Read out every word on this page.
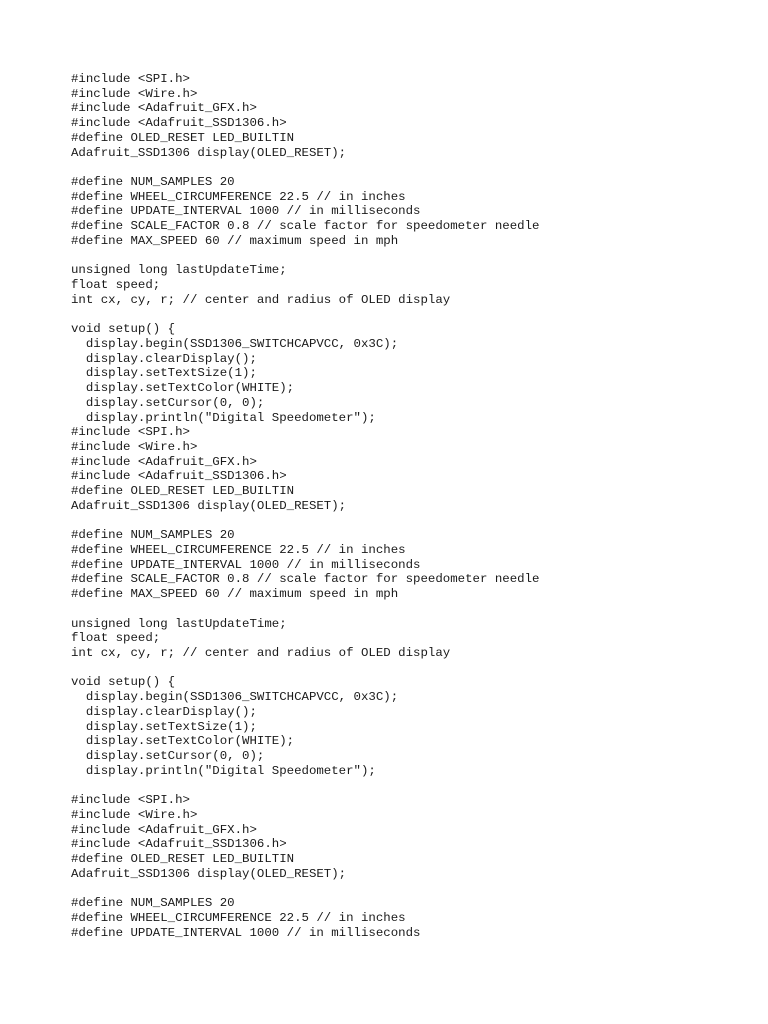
#include <SPI.h>
#include <Wire.h>
#include <Adafruit_GFX.h>
#include <Adafruit_SSD1306.h>
#define OLED_RESET LED_BUILTIN
Adafruit_SSD1306 display(OLED_RESET);
#define NUM_SAMPLES 20
#define WHEEL_CIRCUMFERENCE 22.5 // in inches
#define UPDATE_INTERVAL 1000 // in milliseconds
#define SCALE_FACTOR 0.8 // scale factor for speedometer needle
#define MAX_SPEED 60 // maximum speed in mph
unsigned long lastUpdateTime;
float speed;
int cx, cy, r; // center and radius of OLED display
void setup() {
display.begin(SSD1306_SWITCHCAPVCC, 0x3C);
display.clearDisplay();
display.setTextSize(1);
display.setTextColor(WHITE);
display.setCursor(0, 0);
display.println("Digital Speedometer");
#include <SPI.h>
#include <Wire.h>
#include <Adafruit_GFX.h>
#include <Adafruit_SSD1306.h>
#define OLED_RESET LED_BUILTIN
Adafruit_SSD1306 display(OLED_RESET);
#define NUM_SAMPLES 20
#define WHEEL_CIRCUMFERENCE 22.5 // in inches
#define UPDATE_INTERVAL 1000 // in milliseconds
#define SCALE_FACTOR 0.8 // scale factor for speedometer needle
#define MAX_SPEED 60 // maximum speed in mph
unsigned long lastUpdateTime;
float speed;
int cx, cy, r; // center and radius of OLED display
void setup() {
display.begin(SSD1306_SWITCHCAPVCC, 0x3C);
display.clearDisplay();
display.setTextSize(1);
display.setTextColor(WHITE);
display.setCursor(0, 0);
display.println("Digital Speedometer");
#include <SPI.h>
#include <Wire.h>
#include <Adafruit_GFX.h>
#include <Adafruit_SSD1306.h>
#define OLED_RESET LED_BUILTIN
Adafruit_SSD1306 display(OLED_RESET);
#define NUM_SAMPLES 20
#define WHEEL_CIRCUMFERENCE 22.5 // in inches
#define UPDATE_INTERVAL 1000 // in milliseconds
